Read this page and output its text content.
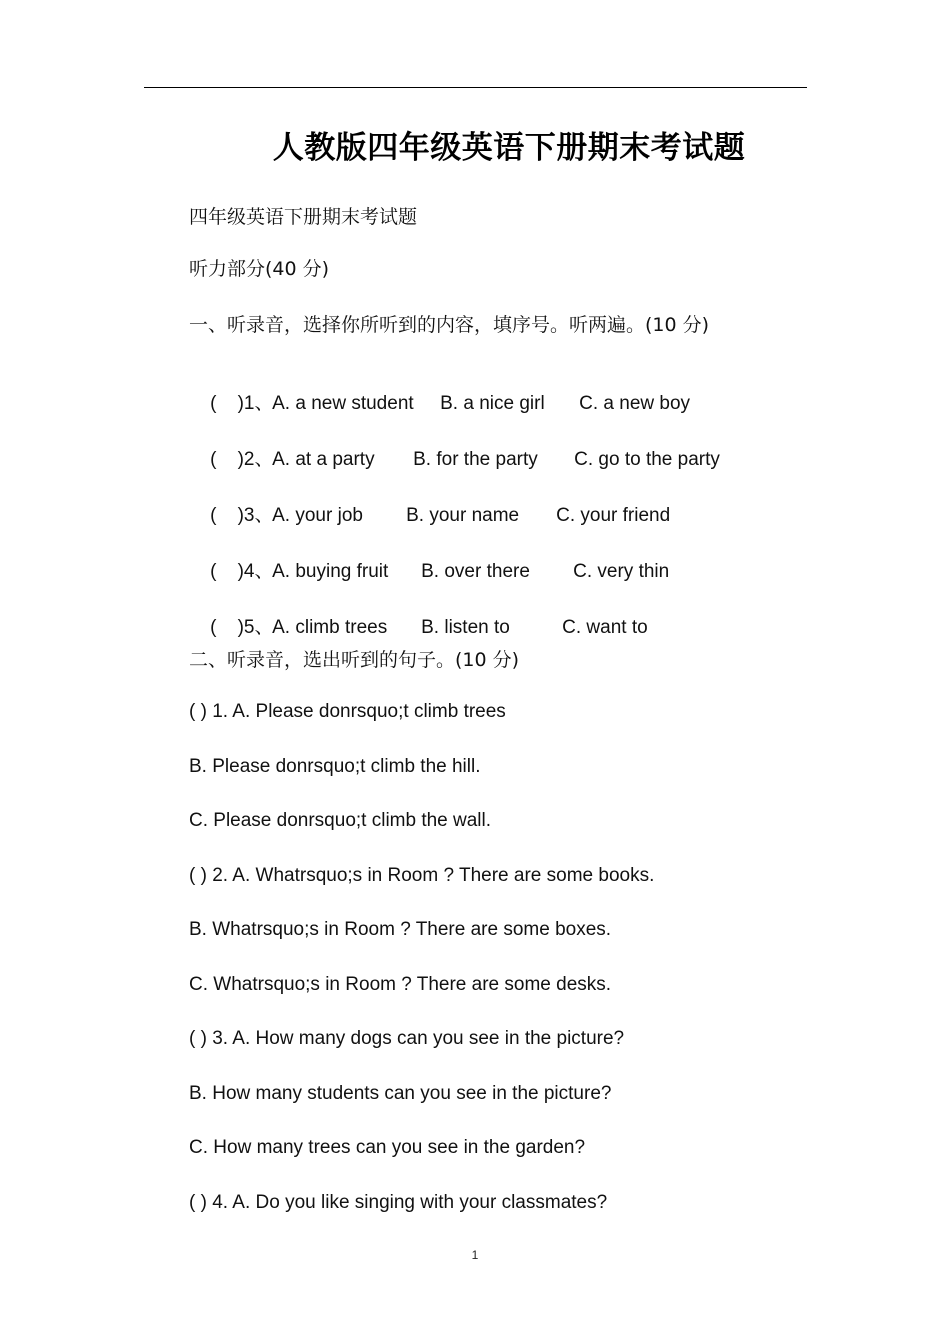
人教版四年级英语下册期末考试题
四年级英语下册期末考试题
听力部分(40 分)
一、听录音，选择你所听到的内容，填序号。听两遍。(10 分)

(    )1、A. a new student B. a nice girl C. a new boy

(    )2、A. at a party B. for the party C. go to the party

(    )3、A. your job B. your name C. your friend

(    )4、A. buying fruit B. over there C. very thin

(    )5、A. climb trees B. listen to	C. want to

二、听录音，选出听到的句子。(10 分)
( ) 1. A. Please donrsquo;t climb trees
B. Please donrsquo;t climb the hill.
C. Please donrsquo;t climb the wall.
( ) 2. A. Whatrsquo;s in Room ? There are some books.
B. Whatrsquo;s in Room ? There are some boxes.
C. Whatrsquo;s in Room ? There are some desks.
( ) 3. A. How many dogs can you see in the picture?
B. How many students can you see in the picture?
C. How many trees can you see in the garden?
( ) 4. A. Do you like singing with your classmates?
1
